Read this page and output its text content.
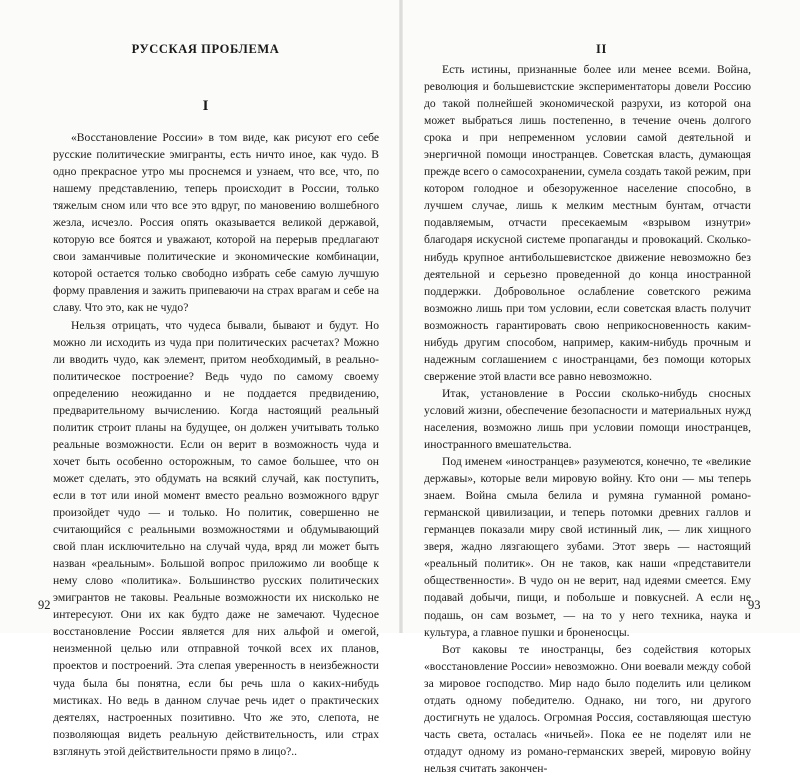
РУССКАЯ ПРОБЛЕМА
I

«Восстановление России» в том виде, как рисуют его себе русские политические эмигранты, есть ничто иное, как чудо. В одно прекрасное утро мы проснемся и узнаем, что все, что, по нашему представлению, теперь происходит в России, только тяжелым сном или что все это вдруг, по мановению волшебного жезла, исчезло. Россия опять оказывается великой державой, которую все боятся и уважают, которой на перерыв предлагают свои заманчивые политические и экономические комбинации, которой остается только свободно избрать себе самую лучшую форму правления и зажить припеваючи на страх врагам и себе на славу. Что это, как не чудо?

Нельзя отрицать, что чудеса бывали, бывают и будут. Но можно ли исходить из чуда при политических расчетах? Можно ли вводить чудо, как элемент, притом необходимый, в реально-политическое построение? Ведь чудо по самому своему определению неожиданно и не поддается предвидению, предварительному вычислению. Когда настоящий реальный политик строит планы на будущее, он должен учитывать только реальные возможности. Если он верит в возможность чуда и хочет быть особенно осторожным, то самое большее, что он может сделать, это обдумать на всякий случай, как поступить, если в тот или иной момент вместо реально возможного вдруг произойдет чудо — и только. Но политик, совершенно не считающийся с реальными возможностями и обдумывающий свой план исключительно на случай чуда, вряд ли может быть назван «реальным». Большой вопрос приложимо ли вообще к нему слово «политика». Большинство русских политических эмигрантов не таковы. Реальные возможности их нисколько не интересуют. Они их как будто даже не замечают. Чудесное восстановление России является для них альфой и омегой, неизменной целью или отправной точкой всех их планов, проектов и построений. Эта слепая уверенность в неизбежности чуда была бы понятна, если бы речь шла о каких-нибудь мистиках. Но ведь в данном случае речь идет о практических деятелях, настроенных позитивно. Что же это, слепота, не позволяющая видеть реальную действительность, или страх взглянуть этой действительности прямо в лицо?..

92
II

Есть истины, признанные более или менее всеми. Война, революция и большевистские экспериментаторы довели Россию до такой полнейшей экономической разрухи, из которой она может выбраться лишь постепенно, в течение очень долгого срока и при непременном условии самой деятельной и энергичной помощи иностранцев. Советская власть, думающая прежде всего о самосохранении, сумела создать такой режим, при котором голодное и обезоруженное население способно, в лучшем случае, лишь к мелким местным бунтам, отчасти подавляемым, отчасти пресекаемым «взрывом изнутри» благодаря искусной системе пропаганды и провокаций. Сколько-нибудь крупное антибольшевистское движение невозможно без деятельной и серьезно проведенной до конца иностранной поддержки. Добровольное ослабление советского режима возможно лишь при том условии, если советская власть получит возможность гарантировать свою неприкосновенность каким-нибудь другим способом, например, каким-нибудь прочным и надежным соглашением с иностранцами, без помощи которых свержение этой власти все равно невозможно.

Итак, установление в России сколько-нибудь сносных условий жизни, обеспечение безопасности и материальных нужд населения, возможно лишь при условии помощи иностранцев, иностранного вмешательства.

Под именем «иностранцев» разумеются, конечно, те «великие державы», которые вели мировую войну. Кто они — мы теперь знаем. Война смыла белила и румяна гуманной романо-германской цивилизации, и теперь потомки древних галлов и германцев показали миру свой истинный лик, — лик хищного зверя, жадно лязгающего зубами. Этот зверь — настоящий «реальный политик». Он не таков, как наши «представители общественности». В чудо он не верит, над идеями смеется. Ему подавай добычи, пищи, и побольше и повкусней. А если не подашь, он сам возьмет, — на то у него техника, наука и культура, а главное пушки и броненосцы.

Вот каковы те иностранцы, без содействия которых «восстановление России» невозможно. Они воевали между собой за мировое господство. Мир надо было поделить или целиком отдать одному победителю. Однако, ни того, ни другого достигнуть не удалось. Огромная Россия, составляющая шестую часть света, осталась «ничьей». Пока ее не поделят или не отдадут одному из романо-германских зверей, мировую войну нельзя считать закончен-

93
